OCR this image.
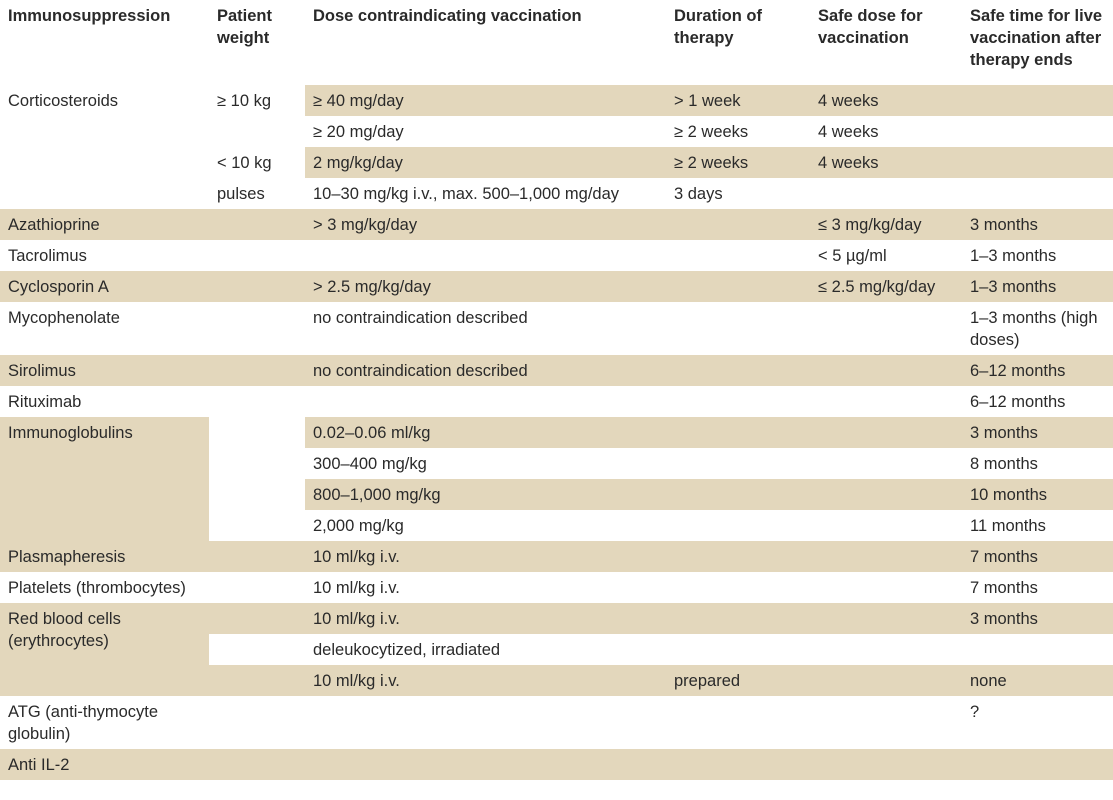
Immunosuppression	Patient weight	Dose contraindicating vaccination	Duration of therapy	Safe dose for vaccination	Safe time for live vaccination after therapy ends
Corticosteroids	≥ 10 kg	≥ 40 mg/day	> 1 week	4 weeks	
		≥ 20 mg/day	≥ 2 weeks	4 weeks	
	< 10 kg	2 mg/kg/day	≥ 2 weeks	4 weeks	
	pulses	10–30 mg/kg i.v., max. 500–1,000 mg/day	3 days		
Azathioprine		> 3 mg/kg/day		≤ 3 mg/kg/day	3 months
Tacrolimus				< 5 µg/ml	1–3 months
Cyclosporin A		> 2.5 mg/kg/day		≤ 2.5 mg/kg/day	1–3 months
Mycophenolate		no contraindication described			1–3 months (high doses)
Sirolimus		no contraindication described			6–12 months
Rituximab					6–12 months
Immunoglobulins		0.02–0.06 ml/kg			3 months
		300–400 mg/kg			8 months
		800–1,000 mg/kg			10 months
		2,000 mg/kg			11 months
Plasmapheresis		10 ml/kg i.v.			7 months
Platelets (thrombocytes)		10 ml/kg i.v.			7 months
Red blood cells (erythrocytes)		10 ml/kg i.v.			3 months
		deleukocytized, irradiated			
		10 ml/kg i.v.	prepared		none
ATG (anti-thymocyte globulin)					?
Anti IL-2					
